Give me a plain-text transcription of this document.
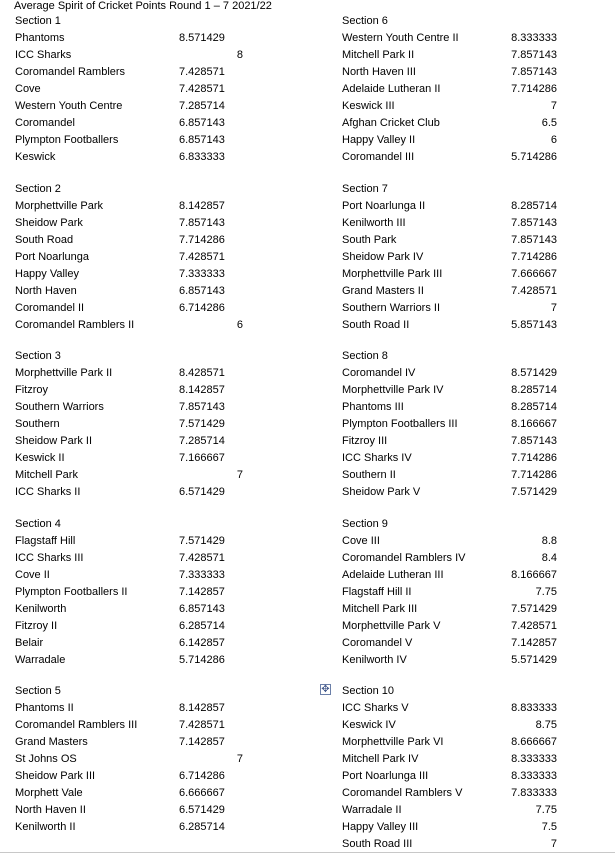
Average Spirit of Cricket Points Round 1 – 7 2021/22
Section 1
Phantoms	8.571429
ICC Sharks	8
Coromandel Ramblers	7.428571
Cove	7.428571
Western Youth Centre	7.285714
Coromandel	6.857143
Plympton Footballers	6.857143
Keswick	6.833333
Section 2
Morphettville Park	8.142857
Sheidow Park	7.857143
South Road	7.714286
Port Noarlunga	7.428571
Happy Valley	7.333333
North Haven	6.857143
Coromandel II	6.714286
Coromandel Ramblers II	6
Section 3
Morphettville Park II	8.428571
Fitzroy	8.142857
Southern Warriors	7.857143
Southern	7.571429
Sheidow Park II	7.285714
Keswick II	7.166667
Mitchell Park	7
ICC Sharks II	6.571429
Section 4
Flagstaff Hill	7.571429
ICC Sharks III	7.428571
Cove II	7.333333
Plympton Footballers II	7.142857
Kenilworth	6.857143
Fitzroy II	6.285714
Belair	6.142857
Warradale	5.714286
Section 5
Phantoms II	8.142857
Coromandel Ramblers III	7.428571
Grand Masters	7.142857
St Johns OS	7
Sheidow Park III	6.714286
Morphett Vale	6.666667
North Haven II	6.571429
Kenilworth II	6.285714
Section 6
Western Youth Centre II	8.333333
Mitchell Park II	7.857143
North Haven III	7.857143
Adelaide Lutheran II	7.714286
Keswick III	7
Afghan Cricket Club	6.5
Happy Valley II	6
Coromandel III	5.714286
Section 7
Port Noarlunga II	8.285714
Kenilworth III	7.857143
South Park	7.857143
Sheidow Park IV	7.714286
Morphettville Park III	7.666667
Grand Masters II	7.428571
Southern Warriors II	7
South Road II	5.857143
Section 8
Coromandel IV	8.571429
Morphettville Park IV	8.285714
Phantoms III	8.285714
Plympton Footballers III	8.166667
Fitzroy III	7.857143
ICC Sharks IV	7.714286
Southern II	7.714286
Sheidow Park V	7.571429
Section 9
Cove III	8.8
Coromandel Ramblers IV	8.4
Adelaide Lutheran III	8.166667
Flagstaff Hill II	7.75
Mitchell Park III	7.571429
Morphettville Park V	7.428571
Coromandel V	7.142857
Kenilworth IV	5.571429
Section 10
ICC Sharks V	8.833333
Keswick IV	8.75
Morphettville Park VI	8.666667
Mitchell Park IV	8.333333
Port Noarlunga III	8.333333
Coromandel Ramblers V	7.833333
Warradale II	7.75
Happy Valley III	7.5
South Road III	7
✥
